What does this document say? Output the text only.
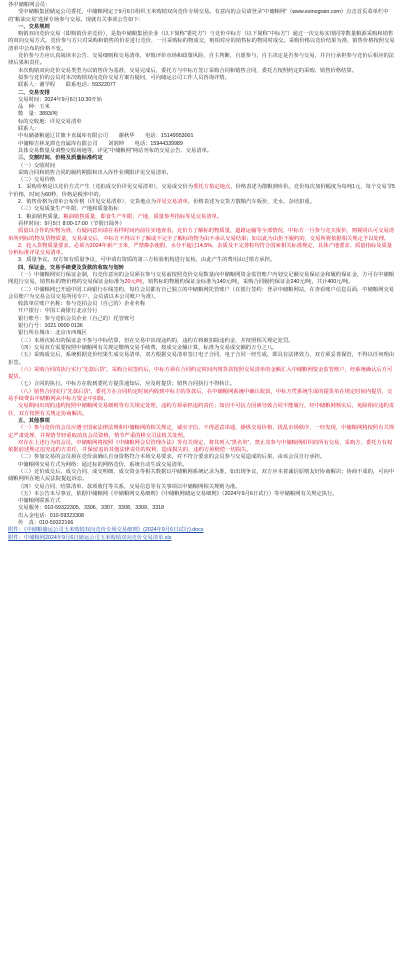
各中储粮网会员：

受中储粮集团储运公司委托，中储粮网定于9月6日组织玉米购销双向竞价专场交易。有意向的会员请登录“中储粮网”（www.esinograin.com）点击首页菜单栏中的“粮油交易”选择专场参与交易。现就有关事项公告如下：

一、交易规则

购销双向竞价交易（即购销价差竞价），是指中储粮集团企业（以下简称“委托方”）与竞价中标方（以下简称“中标方”）通过一次交易实现同等数量粮源采购和销售的双向交易方式。竞价参与方只对采购和销售的价差进行竞价，一旦采购标的物成交，则相对应的销售标的物同时成交。采购价格以竞价结果为准，销售价格按照交易清单中公布的价格不变。

竞价参与方应认真阅读本公告、交易细则和交易清单，审慎评价市场和政策风险，自主判断，自愿参与，自主决定是否参与交易，并自行承担参与竞价后相应的法律后果和责任。

本次购销双向竞价交易类型为以销售价为基准，交易完成后，委托方与中标方签订采购合同和销售合同，委托方按照约定的采购、销售价格结算。

拟参与竞价的会员对本次购销双向竞价交易方案有疑问，可向储运公司工作人员咨询详情。

联系人：谢学程　　联系电话：59322077

二、交易安排

交易时间：2024年9月6日10:30开始

品　种：玉米

数　量：3893/吨

标的交收地：详见交易清单

联系人：

中央储备粮通辽甘旗卡直属库有限公司　　谢秋华　　电话：15149953001

中储粮吉林龙潭仓直属库有限公司　　刘润坤　　电话：15944339989

具体交易数量及调整交收场地等，详见“中储粮网”网站刊布的交易公告、交易清单。

三、交割时间、价格及质量标准约定

（一）交收时间

采购合同和销售合同的履约期限和出入库作业期限详见交易清单。

（二）交易价格

1．采购价格是以竞价方式产生（竞拍成交价详见交易清单），交易成交价为委托方指定地点，价格表述为散粮到库价。竞价每次加价幅度为每吨1元，每个交易节5个价格，时间为60秒，价格是税率中的。

2．销售价格为清单公布价格（详见交易清单），交货地点为详见交易清单，价格表述为交货方散粮汽车板价，光水，杂培扣重。

（三）交易质量生产年限、产地和质量指标

1．粮油销售质量。粮油销售质量，即食生产年限、产地、质量参考指标等见交易清单。

看样时间：9月5日 8:00-17:00（节假日除外）

质量以合作的实物为准，有疑问意向请在看样时间内前往实地查看，竞价方了解标的物质量，道路运输等全部情况，中标方一旦参与竞买报价，则视同认可交易清单所列标的物及货物质量，交易成交后，中标方不得以不了解或不完全了解标的物为由不承认交易结果；如以此为由拒不履约的，交易所将依据相关规定予以处理。

2．轮入货物质量要求。必须为2024年新产玉米，严禁掺杂使假，水分不超过14.5%，杂质及不完善粒均符合国家相关标准规定，具体产地要求、质量指标及质量分析标准详见交易清单。

3．质量争议。双方如有质量争议，可申请有资质的第三方检验机构进行复检，由此产生的费用由过错方承担。

四、保证金、交易手续费及货款的收取与划转

（一）中储粮网实行保证金制，有竞价意向的会员须在参与交易前按照竞价交易数量向中储粮网资金监管账户内划交足额交易保证金和履约保证金，方可在中储粮网进行交易。销售标的物价格的交易保证金标准为20元/吨，销售标的物履约保证金标准为140元/吨，采购合同履约保证金240元/吨，共计400元/吨。

（二）中储粮网已开通中国工商银行在线签约，每位会员都有自己独立的中储粮网托管账户（在银行签约：登录中储粮网站，在查看账户信息页面，中储粮网交易会员账户为交易会员交易所用专户，会员请以本公司账户为准）。

收款单位账户名称：参与竞拍会员（自己的）企业名称

开户银行：中国工商银行北京分行

银行账号：参与竞拍会员企业（自己的）托管账号

银行行号：1021 0000 0136

银行所在城市：北京市西城区

（三）本场次转出的保证金不参与中标结算，但在交易中出现违约的，违约方将被扣除违约金，并按照相关规定处罚。

（四）交易双方需要按照中储粮网有关规定缴纳交易手续费，按成交金额计算，标准为交易成交额的万分之八。

（五）采购成交后，系统根据竞价结果生成交易清单，双方根据交易清单签订电子合同，电子合同一经生成，即具有法律效力，双方须妥善保管，不得以任何理由拒签。

（六）采购合同的执行实行“先款后货”。采购合同签约后，中标方须在合同约定时间内将货款按照交易清单的金额汇入中储粮网资金监管账户，经系统确认后方可提货。

（七）合同的执行。中标方在收到委托方提货通知后，应及时提货；销售合同执行不得转让。

（八）销售合同实行“先款后货”。委托方在合同约定时间内收到中标方的货款后，在中储粮网系统中确认收款，中标方凭系统生成的提货单在规定时间内提货，交易手续费由中储粮网从中标方资金中扣除。

交易期间出现的违约按照中储粮网交易细则等有关规定处理，违约方须承担违约责任；如因不可抗力因素导致合同不能履行，经中储粮网核实后，免除相应违约责任，双方按照有关规定协商解决。

五、其他事项

（一）参与竞价的会员应遵守国家法律法规和中储粮网的相关规定，诚实守信，不得恶意串通、操纵交易价格，扰乱市场秩序，一经发现，中储粮网将按照有关规定严肃处理，并视情节轻重取消其会员资格，情节严重的移交司法机关处理。

对存在上述行为的会员，中储粮网将按照《中储粮网会员管理办法》等有关规定，将其列入“黑名单”，禁止其参与中储粮网组织的所有交易，采购方、委托方有权依据前述规定追究违约方责任，并保留追诉其他法律责任的权利，造成损失的，违约方须赔偿一切损失。

（二）参加交易的会员须在竞价前确认自身资格符合本场交易要求，对不符合要求的会员参与交易造成的后果，由该会员自行承担。

中储粮网交易方式为网络：通过标的网络竞价，系统自动生成交易清单。

（三）竞价成交后，成交合同、成交明细、成交资金等相关数据以中储粮网系统记录为准，如出现争议，双方应本着诚信原则友好协商解决；协商不成的，可向中储粮网所在地人民法院提起诉讼。

（四）交易合同、结算清单、款项收付等关系，交易信息等有关事项以中储粮网相关规则为准。

（五）本公告未尽事宜，依据中储粮网《中储粮网交易细则》《中储粮网储运交易细则》（2024年9月6日试行）等中储粮网有关规定执行。

中储粮网联系方式

交易服务：010-59322305、3306、3307、3308、3309、3318

出入金电话：010-59323308

传　真：010-59322166

附件：《中储粮储运公司玉米购销双向竞价专场交易细则》(2024年9月6日试行).docx

附件：中储粮网2024年9月6日储运公司玉米购销双向竞价交易清单.xls
